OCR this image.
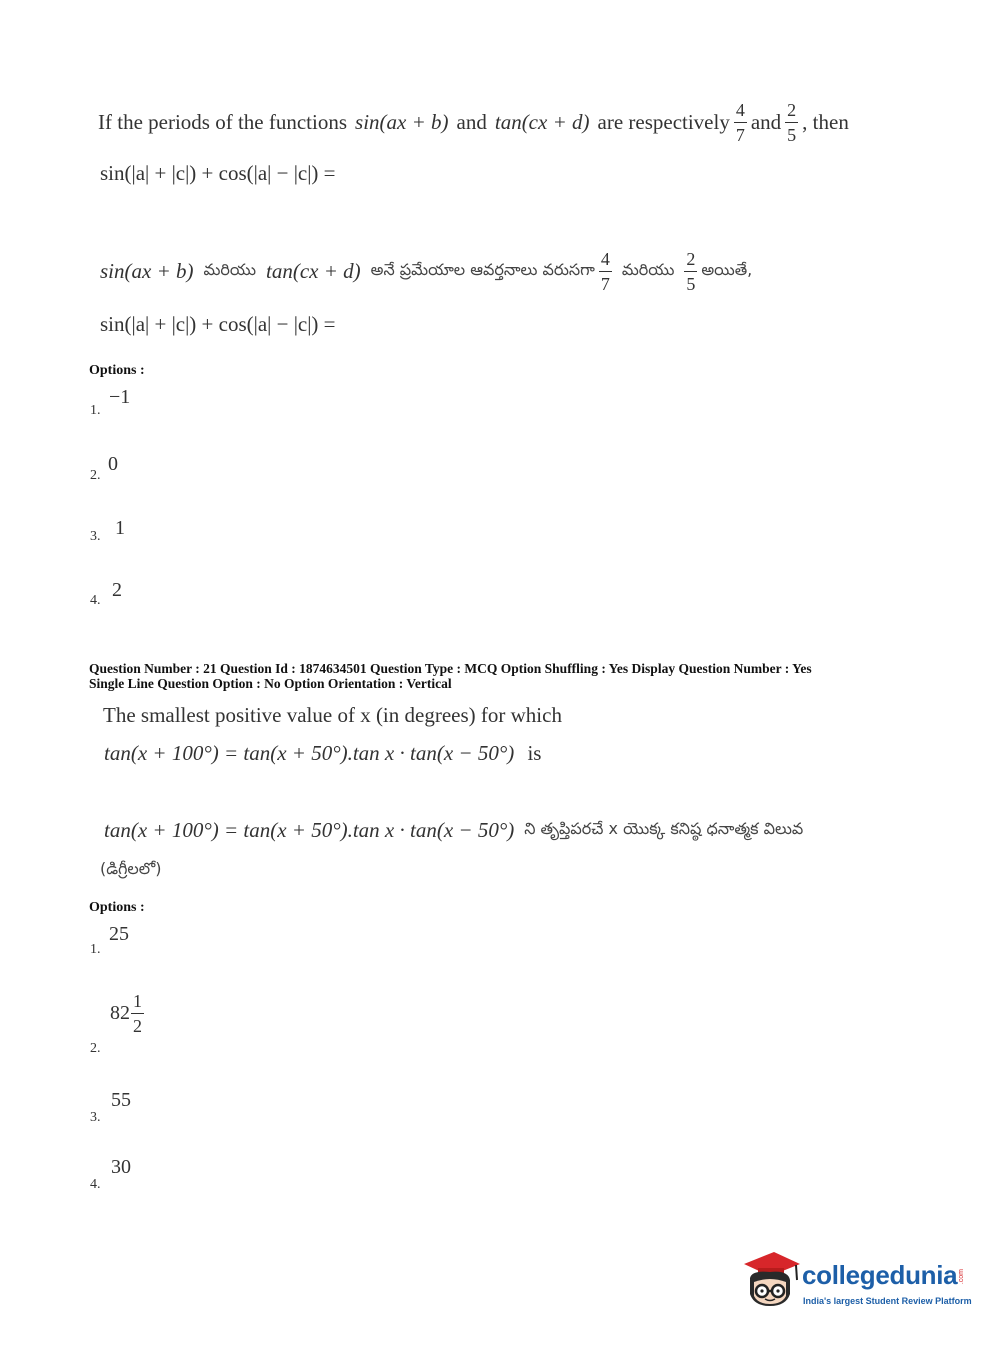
If the periods of the functions sin(ax + b) and tan(cx + d) are respectively $\frac{4}{7}$ and $\frac{2}{5}$ , then
sin(|a| + |c|) + cos(|a| − |c|) =
sin(ax + b) మరియు tan(cx + d) అనే ప్రమేయాల ఆవర్తనాలు వరుసగా $\frac{4}{7}$ మరియు $\frac{2}{5}$ అయితే,
sin(|a| + |c|) + cos(|a| − |c|) =
Options :
1.
−1
2.
0
3. 1
4. 2
Question Number : 21 Question Id : 1874634501 Question Type : MCQ Option Shuffling : Yes Display Question Number : Yes
Single Line Question Option : No Option Orientation : Vertical
The smallest positive value of x (in degrees) for which
tan(x + 100°) = tan(x + 50°).tan x · tan(x − 50°) is
tan(x + 100°) = tan(x + 50°).tan x · tan(x − 50°) ని తృప్తిపరచే x యొక్క కనిష్ఠ ధనాత్మక విలువ
(డిగ్రీలలో)
Options :
1.
25
2.
$82 \frac{1}{2}$
3.
55
4.
30
collegedunia .com
India's largest Student Review Platform
